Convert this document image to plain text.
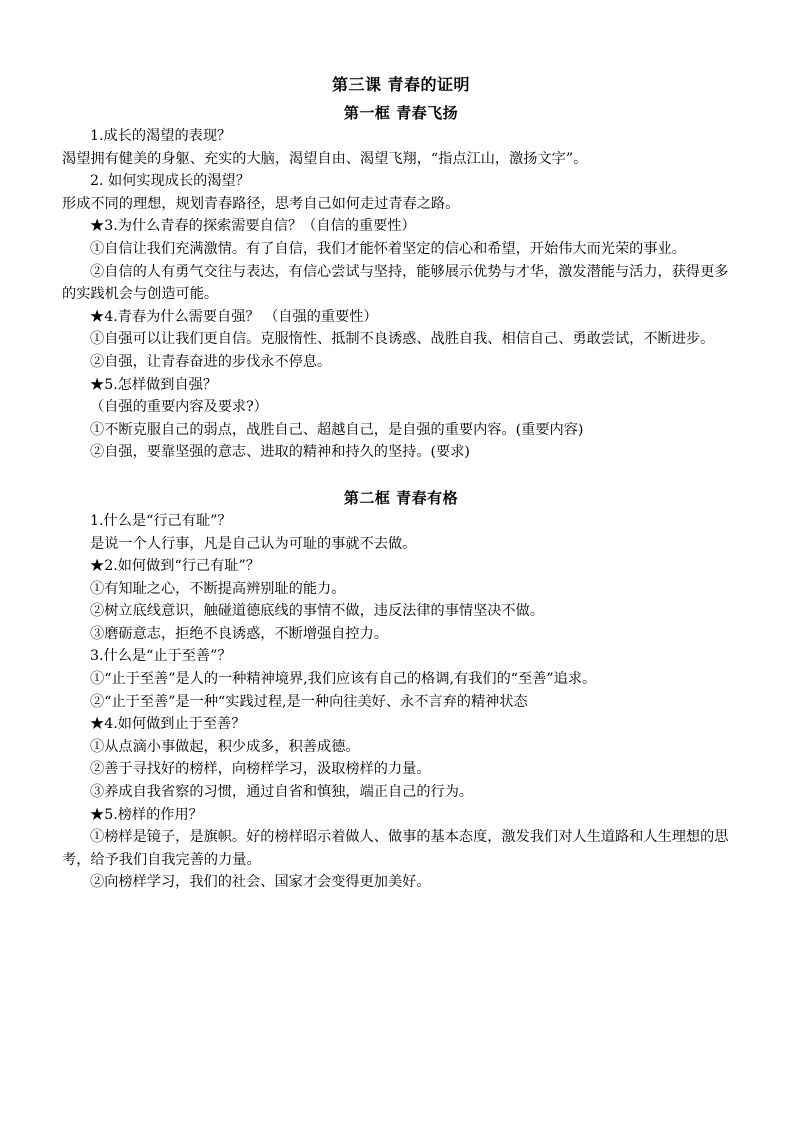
第三课 青春的证明
第一框 青春飞扬

1.成长的渴望的表现？

渴望拥有健美的身躯、充实的大脑，渴望自由、渴望飞翔，“指点江山，激扬文字”。

2. 如何实现成长的渴望？

形成不同的理想，规划青春路径，思考自己如何走过青春之路。

★3.为什么青春的探索需要自信？（自信的重要性）

①自信让我们充满激情。有了自信，我们才能怀着坚定的信心和希望，开始伟大而光荣的事业。

②自信的人有勇气交往与表达，有信心尝试与坚持，能够展示优势与才华，激发潜能与活力，获得更多的实践机会与创造可能。

★4.青春为什么需要自强？ （自强的重要性）

①自强可以让我们更自信。克服惰性、抵制不良诱惑、战胜自我、相信自己、勇敢尝试，不断进步。

②自强，让青春奋进的步伐永不停息。

★5.怎样做到自强？

（自强的重要内容及要求?）

①不断克服自己的弱点，战胜自己、超越自己，是自强的重要内容。(重要内容)

②自强，要靠坚强的意志、进取的精神和持久的坚持。(要求)

第二框 青春有格

1.什么是“行己有耻”？

是说一个人行事，凡是自己认为可耻的事就不去做。

★2.如何做到“行己有耻”？

①有知耻之心，不断提高辨别耻的能力。

②树立底线意识，触碰道德底线的事情不做，违反法律的事情坚决不做。

③磨砺意志，拒绝不良诱惑，不断增强自控力。

3.什么是“止于至善”？

①“止于至善”是人的一种精神境界,我们应该有自己的格调,有我们的“至善”追求。

②“止于至善”是一种“实践过程,是一种向往美好、永不言弃的精神状态

★4.如何做到止于至善？

①从点滴小事做起，积少成多，积善成德。

②善于寻找好的榜样，向榜样学习，汲取榜样的力量。

③养成自我省察的习惯，通过自省和慎独，端正自己的行为。

★5.榜样的作用？

①榜样是镜子，是旗帜。好的榜样昭示着做人、做事的基本态度，激发我们对人生道路和人生理想的思考，给予我们自我完善的力量。

②向榜样学习，我们的社会、国家才会变得更加美好。
